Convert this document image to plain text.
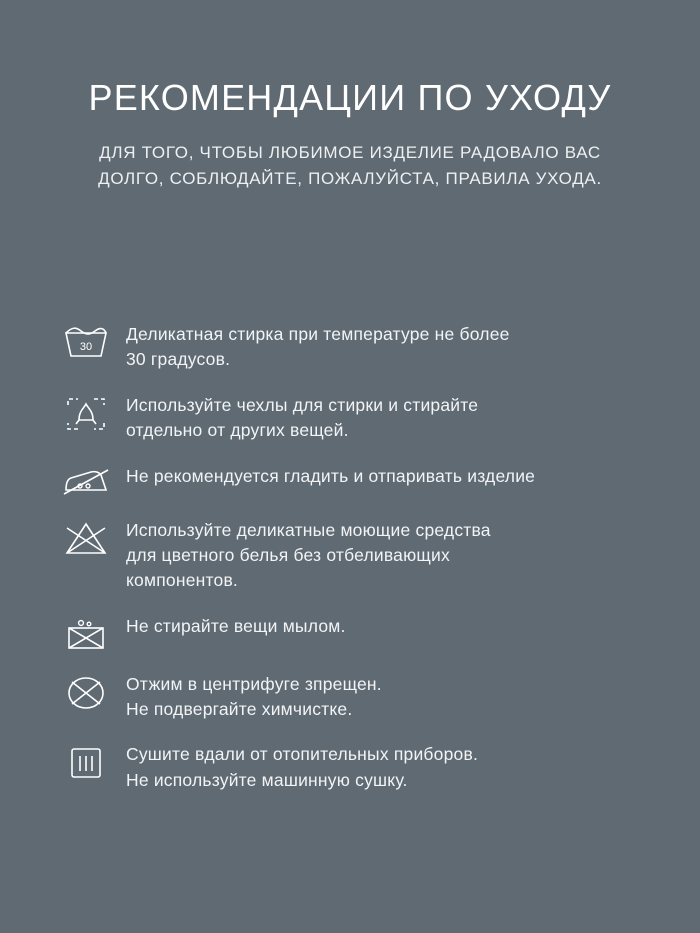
РЕКОМЕНДАЦИИ ПО УХОДУ
ДЛЯ ТОГО, ЧТОБЫ ЛЮБИМОЕ ИЗДЕЛИЕ РАДОВАЛО ВАС ДОЛГО, СОБЛЮДАЙТЕ, ПОЖАЛУЙСТА, ПРАВИЛА УХОДА.
30
Деликатная стирка при температуре не более
30 градусов.
Используйте чехлы для стирки и стирайте
отдельно от других вещей.
Не рекомендуется гладить и отпаривать изделие
Используйте деликатные моющие средства
для цветного белья без отбеливающих
компонентов.
Не стирайте вещи мылом.
Отжим в центрифуге зпрещен.
Не подвергайте химчистке.
Сушите вдали от отопительных приборов.
Не используйте машинную сушку.
